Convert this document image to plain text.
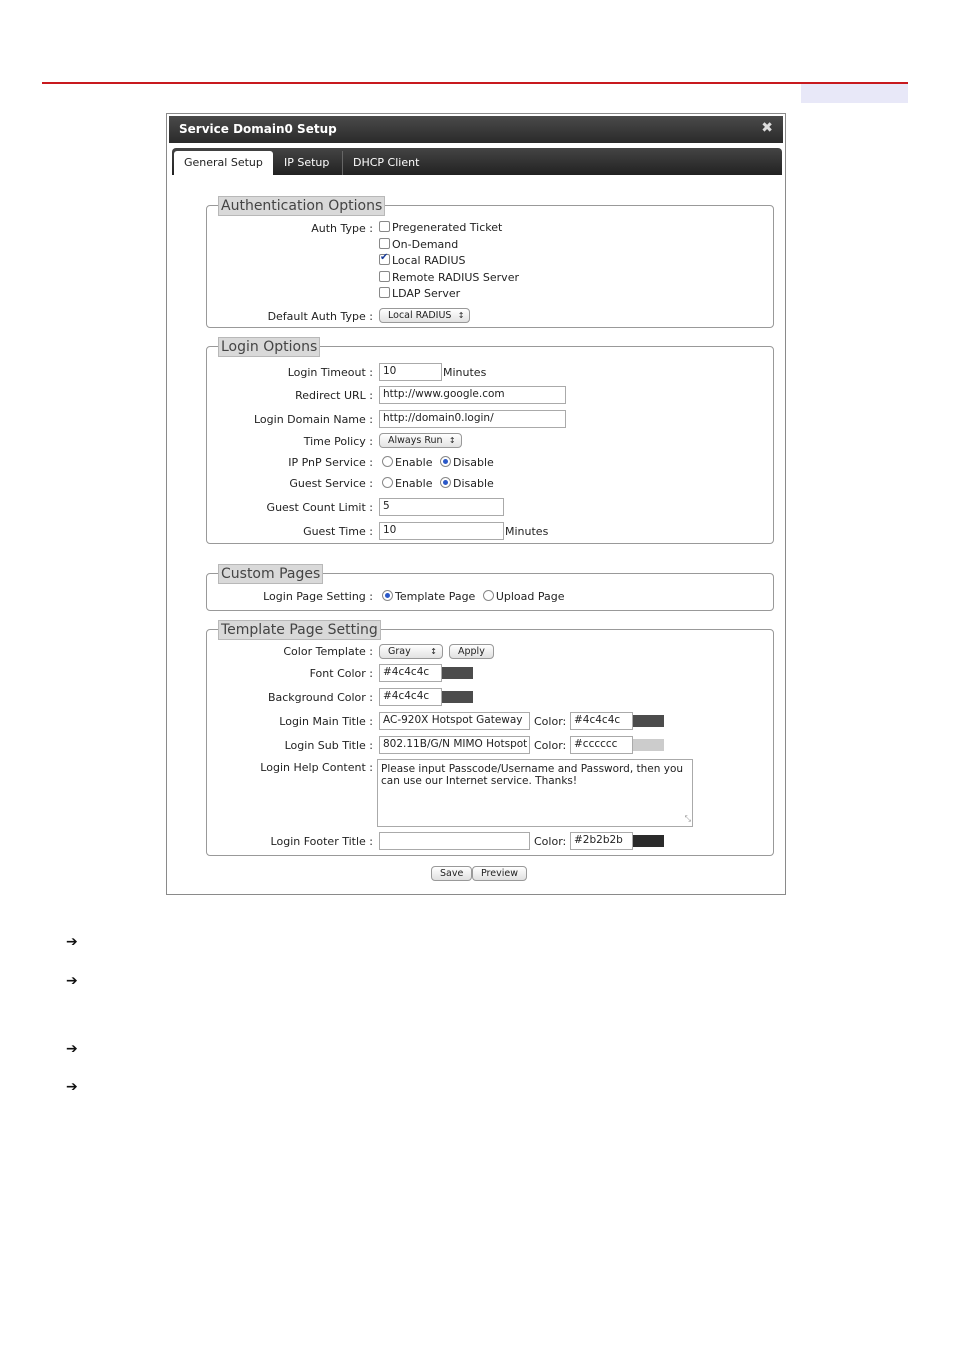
Service Domain0 Setup	✖
General Setup	IP Setup	DHCP Client
Authentication Options
Auth Type :	Pregenerated Ticket
On-Demand
✔Local RADIUS
Remote RADIUS Server
LDAP Server
Default Auth Type :	Local RADIUS ↕
Login Options
Login Timeout : 10	Minutes
Redirect URL : http://www.google.com
Login Domain Name : http://domain0.login/
Time Policy :	Always Run ↕
IP PnP Service :	Enable Disable
Guest Service :	Enable Disable
Guest Count Limit : 5
Guest Time : 10	Minutes
Custom Pages
Login Page Setting :	Template Page Upload Page
Template Page Setting
Color Template :	Gray ↕	Apply
Font Color : #4c4c4c
Background Color : #4c4c4c
Login Main Title : AC-920X Hotspot Gateway	Color: #4c4c4c
Login Sub Title : 802.11B/G/N MIMO Hotspot Color: #cccccc
Login Help Content : Please input Passcode/Username and Password, then you can use our Internet service. Thanks!
⤡
Login Footer Title :	Color: #2b2b2b
Save	Preview
➔
➔
➔
➔
